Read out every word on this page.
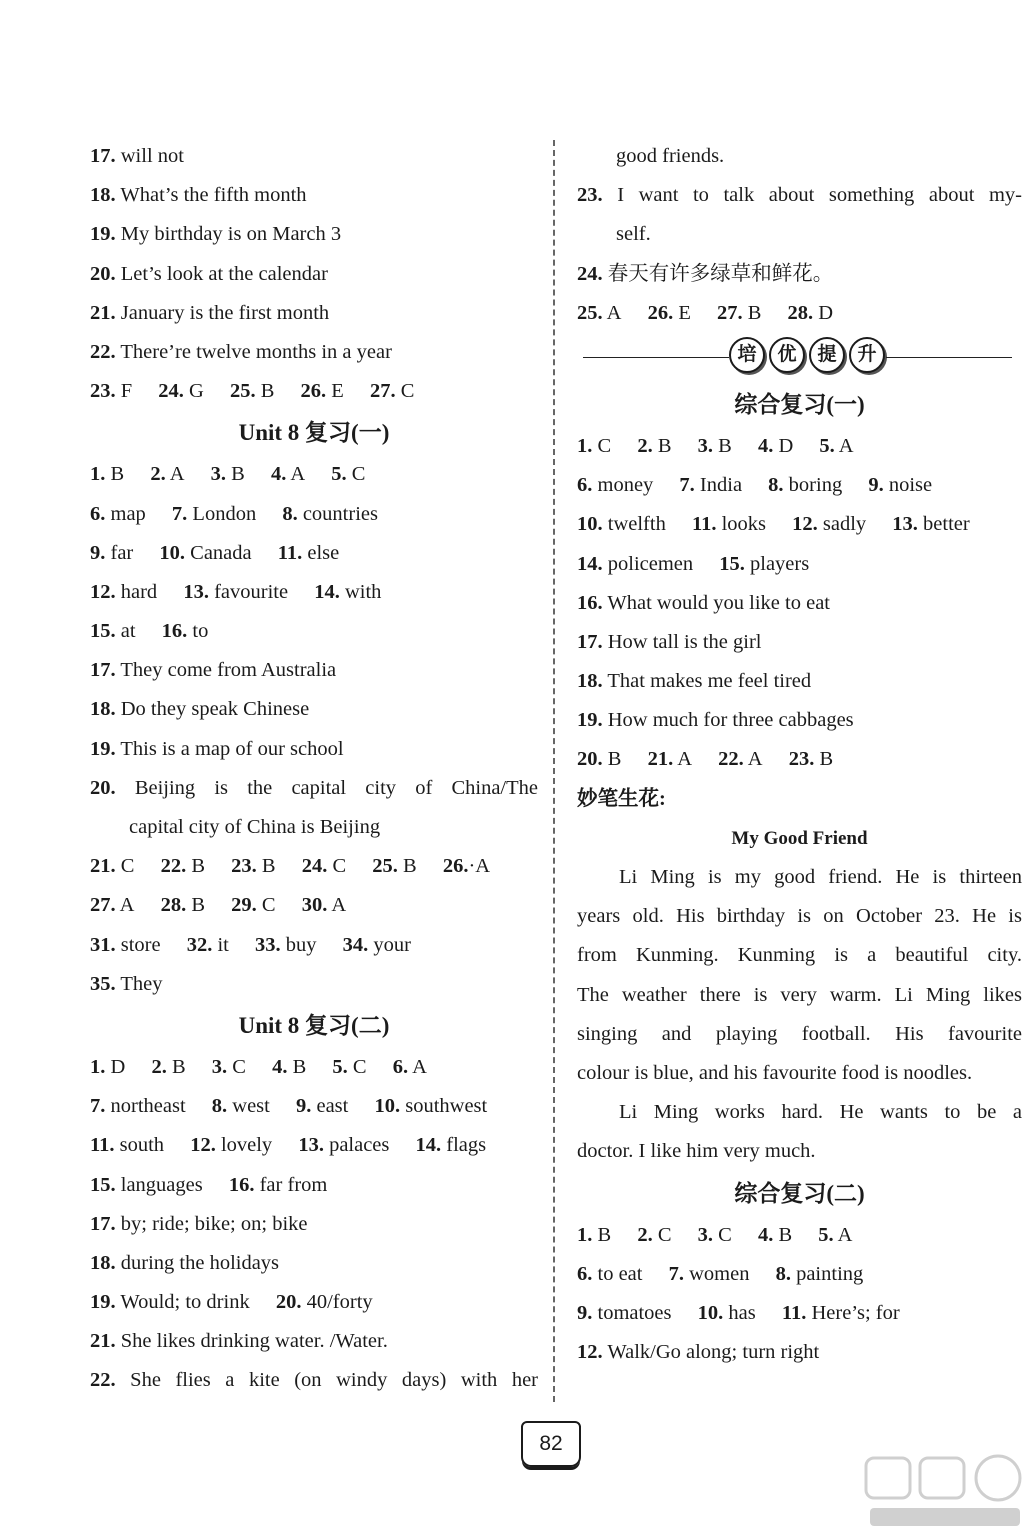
17. will not
18. What’s the fifth month
19. My birthday is on March 3
20. Let’s look at the calendar
21. January is the first month
22. There’re twelve months in a year
23. F 24. G 25. B 26. E 27. C
Unit 8 复习(一)
1. B 2. A 3. B 4. A 5. C
6. map 7. London 8. countries
9. far 10. Canada 11. else
12. hard 13. favourite 14. with
15. at 16. to
17. They come from Australia
18. Do they speak Chinese
19. This is a map of our school
20. Beijing is the capital city of China/The
capital city of China is Beijing
21. C 22. B 23. B 24. C 25. B 26.·A
27. A 28. B 29. C 30. A
31. store 32. it 33. buy 34. your
35. They
Unit 8 复习(二)
1. D 2. B 3. C 4. B 5. C 6. A
7. northeast 8. west 9. east 10. southwest
11. south 12. lovely 13. palaces 14. flags
15. languages 16. far from
17. by; ride; bike; on; bike
18. during the holidays
19. Would; to drink 20. 40/forty
21. She likes drinking water. /Water.
22. She flies a kite (on windy days) with her
good friends.
23. I want to talk about something about my-
self.
24. 春天有许多绿草和鲜花。
25. A 26. E 27. B 28. D
培	优	提	升
综合复习(一)
1. C 2. B 3. B 4. D 5. A
6. money 7. India 8. boring 9. noise
10. twelfth 11. looks 12. sadly 13. better
14. policemen 15. players
16. What would you like to eat
17. How tall is the girl
18. That makes me feel tired
19. How much for three cabbages
20. B 21. A 22. A 23. B
妙笔生花:
My Good Friend
Li Ming is my good friend. He is thirteen
years old. His birthday is on October 23. He is
from Kunming. Kunming is a beautiful city.
The weather there is very warm. Li Ming likes
singing and playing football. His favourite
colour is blue, and his favourite food is noodles.
Li Ming works hard. He wants to be a
doctor. I like him very much.
综合复习(二)
1. B 2. C 3. C 4. B 5. A
6. to eat 7. women 8. painting
9. tomatoes 10. has 11. Here’s; for
12. Walk/Go along; turn right
82
